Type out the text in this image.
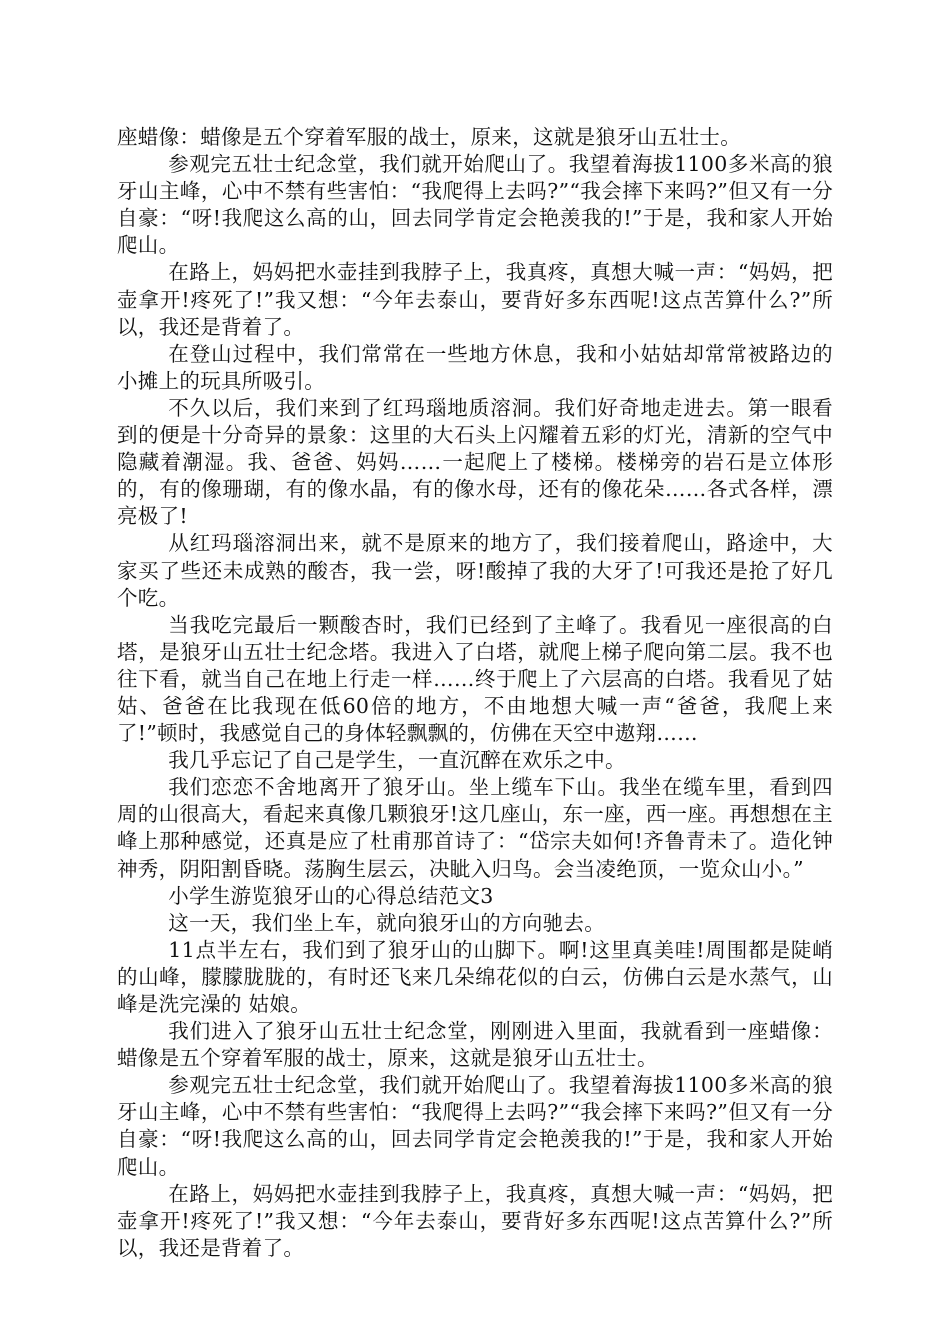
座蜡像：蜡像是五个穿着军服的战士，原来，这就是狼牙山五壮士。

参观完五壮士纪念堂，我们就开始爬山了。我望着海拔1100多米高的狼牙山主峰，心中不禁有些害怕：“我爬得上去吗?”“我会摔下来吗?”但又有一分自豪：“呀!我爬这么高的山，回去同学肯定会艳羡我的!”于是，我和家人开始爬山。

在路上，妈妈把水壶挂到我脖子上，我真疼，真想大喊一声：“妈妈，把壶拿开!疼死了!”我又想：“今年去泰山，要背好多东西呢!这点苦算什么?”所以，我还是背着了。

在登山过程中，我们常常在一些地方休息，我和小姑姑却常常被路边的小摊上的玩具所吸引。

不久以后，我们来到了红玛瑙地质溶洞。我们好奇地走进去。第一眼看到的便是十分奇异的景象：这里的大石头上闪耀着五彩的灯光，清新的空气中隐藏着潮湿。我、爸爸、妈妈……一起爬上了楼梯。楼梯旁的岩石是立体形的，有的像珊瑚，有的像水晶，有的像水母，还有的像花朵……各式各样，漂亮极了!

从红玛瑙溶洞出来，就不是原来的地方了，我们接着爬山，路途中，大家买了些还未成熟的酸杏，我一尝，呀!酸掉了我的大牙了!可我还是抢了好几个吃。

当我吃完最后一颗酸杏时，我们已经到了主峰了。我看见一座很高的白塔，是狼牙山五壮士纪念塔。我进入了白塔，就爬上梯子爬向第二层。我不也往下看，就当自己在地上行走一样……终于爬上了六层高的白塔。我看见了姑姑、爸爸在比我现在低60倍的地方，不由地想大喊一声“爸爸，我爬上来了!”顿时，我感觉自己的身体轻飘飘的，仿佛在天空中遨翔……

我几乎忘记了自己是学生，一直沉醉在欢乐之中。

我们恋恋不舍地离开了狼牙山。坐上缆车下山。我坐在缆车里，看到四周的山很高大，看起来真像几颗狼牙!这几座山，东一座，西一座。再想想在主峰上那种感觉，还真是应了杜甫那首诗了：“岱宗夫如何!齐鲁青未了。造化钟神秀，阴阳割昏晓。荡胸生层云，决眦入归鸟。会当凌绝顶，一览众山小。”

小学生游览狼牙山的心得总结范文3

这一天，我们坐上车，就向狼牙山的方向驰去。

11点半左右，我们到了狼牙山的山脚下。啊!这里真美哇!周围都是陡峭的山峰，朦朦胧胧的，有时还飞来几朵绵花似的白云，仿佛白云是水蒸气，山峰是洗完澡的 姑娘。

我们进入了狼牙山五壮士纪念堂，刚刚进入里面，我就看到一座蜡像：蜡像是五个穿着军服的战士，原来，这就是狼牙山五壮士。

参观完五壮士纪念堂，我们就开始爬山了。我望着海拔1100多米高的狼牙山主峰，心中不禁有些害怕：“我爬得上去吗?”“我会摔下来吗?”但又有一分自豪：“呀!我爬这么高的山，回去同学肯定会艳羡我的!”于是，我和家人开始爬山。

在路上，妈妈把水壶挂到我脖子上，我真疼，真想大喊一声：“妈妈，把壶拿开!疼死了!”我又想：“今年去泰山，要背好多东西呢!这点苦算什么?”所以，我还是背着了。
